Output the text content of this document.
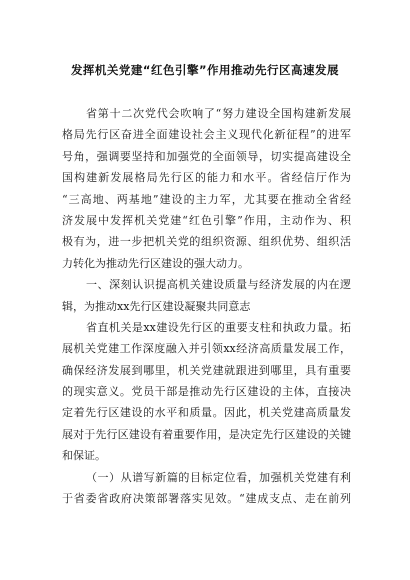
发挥机关党建“红色引擎”作用推动先行区高速发展
省第十二次党代会吹响了“努力建设全国构建新发展
格局先行区奋进全面建设社会主义现代化新征程”的进军
号角，强调要坚持和加强党的全面领导，切实提高建设全
国构建新发展格局先行区的能力和水平。省经信厅作为
“三高地、两基地”建设的主力军，尤其要在推动全省经
济发展中发挥机关党建“红色引擎”作用，主动作为、积
极有为，进一步把机关党的组织资源、组织优势、组织活
力转化为推动先行区建设的强大动力。
一、深刻认识提高机关建设质量与经济发展的内在逻
辑，为推动xx先行区建设凝聚共同意志
省直机关是xx建设先行区的重要支柱和执政力量。拓
展机关党建工作深度融入并引领xx经济高质量发展工作，
确保经济发展到哪里，机关党建就跟进到哪里，具有重要
的现实意义。党员干部是推动先行区建设的主体，直接决
定着先行区建设的水平和质量。因此，机关党建高质量发
展对于先行区建设有着重要作用，是决定先行区建设的关键
和保证。
（一）从谱写新篇的目标定位看，加强机关党建有利
于省委省政府决策部署落实见效。“建成支点、走在前列
